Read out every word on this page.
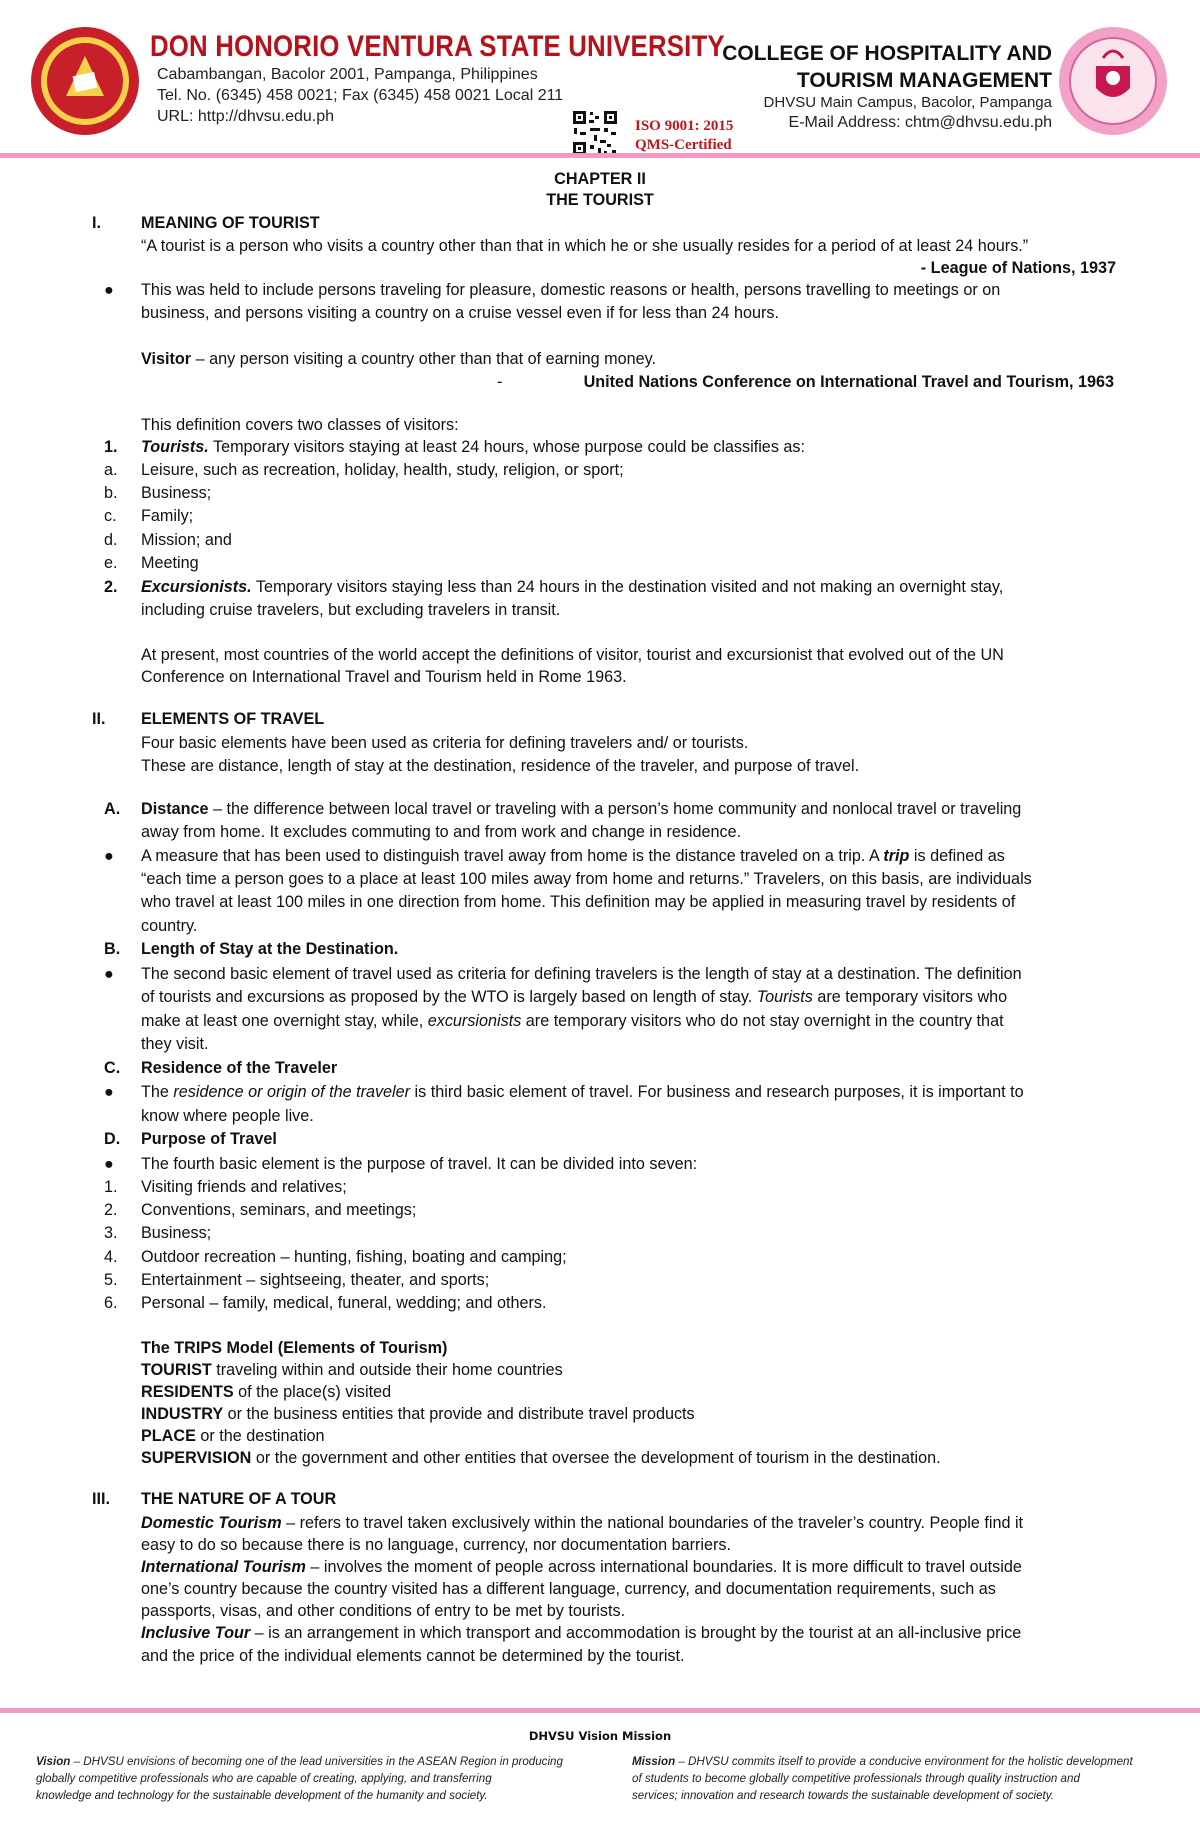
DON HONORIO VENTURA STATE UNIVERSITY
Cabambangan, Bacolor 2001, Pampanga, Philippines
Tel. No. (6345) 458 0021; Fax (6345) 458 0021 Local 211
URL: http://dhvsu.edu.ph
ISO 9001: 2015
QMS-Certified
COLLEGE OF HOSPITALITY AND
TOURISM MANAGEMENT
DHVSU Main Campus, Bacolor, Pampanga
E-Mail Address: chtm@dhvsu.edu.ph
CHAPTER II
THE TOURIST
I. MEANING OF TOURIST
“A tourist is a person who visits a country other than that in which he or she usually resides for a period of at least 24 hours.”
- League of Nations, 1937
● This was held to include persons traveling for pleasure, domestic reasons or health, persons travelling to meetings or on
business, and persons visiting a country on a cruise vessel even if for less than 24 hours.
Visitor – any person visiting a country other than that of earning money.
-	United Nations Conference on International Travel and Tourism, 1963
This definition covers two classes of visitors:
1. Tourists. Temporary visitors staying at least 24 hours, whose purpose could be classifies as:
a. Leisure, such as recreation, holiday, health, study, religion, or sport;
b. Business;
c. Family;
d. Mission; and
e. Meeting
2. Excursionists. Temporary visitors staying less than 24 hours in the destination visited and not making an overnight stay,
including cruise travelers, but excluding travelers in transit.
At present, most countries of the world accept the definitions of visitor, tourist and excursionist that evolved out of the UN
Conference on International Travel and Tourism held in Rome 1963.
II. ELEMENTS OF TRAVEL
Four basic elements have been used as criteria for defining travelers and/ or tourists.
These are distance, length of stay at the destination, residence of the traveler, and purpose of travel.
A. Distance – the difference between local travel or traveling with a person’s home community and nonlocal travel or traveling
away from home. It excludes commuting to and from work and change in residence.
● A measure that has been used to distinguish travel away from home is the distance traveled on a trip. A trip is defined as
“each time a person goes to a place at least 100 miles away from home and returns.” Travelers, on this basis, are individuals
who travel at least 100 miles in one direction from home. This definition may be applied in measuring travel by residents of
country.
B. Length of Stay at the Destination.
● The second basic element of travel used as criteria for defining travelers is the length of stay at a destination. The definition
of tourists and excursions as proposed by the WTO is largely based on length of stay. Tourists are temporary visitors who
make at least one overnight stay, while, excursionists are temporary visitors who do not stay overnight in the country that
they visit.
C. Residence of the Traveler
● The residence or origin of the traveler is third basic element of travel. For business and research purposes, it is important to
know where people live.
D. Purpose of Travel
● The fourth basic element is the purpose of travel. It can be divided into seven:
1. Visiting friends and relatives;
2. Conventions, seminars, and meetings;
3. Business;
4. Outdoor recreation – hunting, fishing, boating and camping;
5. Entertainment – sightseeing, theater, and sports;
6. Personal – family, medical, funeral, wedding; and others.
The TRIPS Model (Elements of Tourism)
TOURIST traveling within and outside their home countries
RESIDENTS of the place(s) visited
INDUSTRY or the business entities that provide and distribute travel products
PLACE or the destination
SUPERVISION or the government and other entities that oversee the development of tourism in the destination.
III. THE NATURE OF A TOUR
Domestic Tourism – refers to travel taken exclusively within the national boundaries of the traveler’s country. People find it
easy to do so because there is no language, currency, nor documentation barriers.
International Tourism – involves the moment of people across international boundaries. It is more difficult to travel outside
one’s country because the country visited has a different language, currency, and documentation requirements, such as
passports, visas, and other conditions of entry to be met by tourists.
Inclusive Tour – is an arrangement in which transport and accommodation is brought by the tourist at an all-inclusive price
and the price of the individual elements cannot be determined by the tourist.
DHVSU Vision Mission
Vision – DHVSU envisions of becoming one of the lead universities in the ASEAN Region in producing
globally competitive professionals who are capable of creating, applying, and transferring
knowledge and technology for the sustainable development of the humanity and society.
Mission – DHVSU commits itself to provide a conducive environment for the holistic development
of students to become globally competitive professionals through quality instruction and
services; innovation and research towards the sustainable development of society.
